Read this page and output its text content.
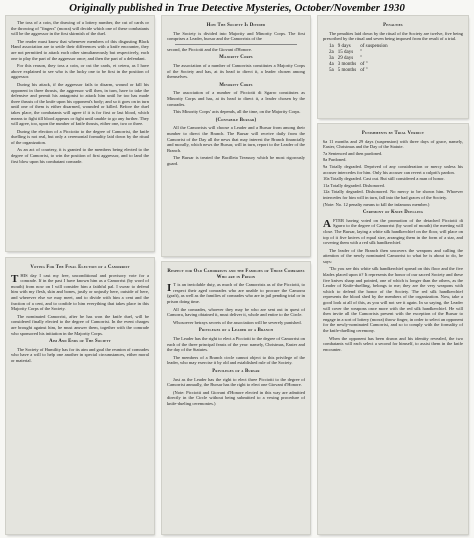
Originally published in True Detective Mysteries, October/November 1930

The toss of a coin, the drawing of a lottery number, the cut of cards or the throwing of "fingers" (morra) will decide which one of these combatants will be the aggressor in the first skirmish of the duel.

The reader must know that whenever members of this disgusting Black Hand association are to settle their differences with a knife encounter, they are not permitted to attack each other simultaneously but respectively, each one to play the part of the aggressor once; and then the part of a defendant.

For this reason, they toss a coin, or cut the cards, et cetera, as I have above explained to see who is the lucky one to be first in the position of aggressor.

During his attack, if the aggressor fails to disarm, wound or kill his opponent in three thrusts, the aggressor will then, in turn, have to take the defensive and permit his antagonist to attack him until he too has made three thrusts of the knife upon his opponent's body; and so it goes on in turn until one of them is either disarmed, wounded or killed. Before the duel takes place, the combatants will agree if it is for first or last blood, which means to fight till blood appears or fight until unable to go any further. They will agree, too, upon the number of knife thrusts, either one, two or three.

During the election of a Picciotto to the degree of Camorrist, the knife duelling is not real, but only a ceremonial formality laid down by the ritual of the organization.

As an act of courtesy, it is granted to the members being elected to the degree of Camorrist, to win the position of first aggressor, and to land the first blow upon his combatant comrade.

Voting For The Final Election of a Camorrist

THIS day I cast my free, unconditional and provisory vote for a comrade. If in the past I have known him as a Camorrist (by word of mouth) from now on I will consider him a faithful pal. I swear to defend him with my flesh, skin and bones, justly or unjustly here, outside of here, and wherever else we may meet, and to divide with him a cent and the fraction of a cent, and to confide to him everything that takes place in this Majority Corps of the Society.

The nominated Camorrist, after he has won the knife duel, will be considered finally elected to the degree of Camorrist. In the event charges are brought against him, he must answer them, together with the comrade who sponsored his initiation in the Majority Corps.

Aim And Ends of The Society

The Society of Humility has for its aim and goal the reunion of comrades who have a will to help one another in special circumstances, either moral or material.

How The Society Is Divided

The Society is divided into Majority and Minority Corps. The first comprises a Leader, bursar and the Camorrists of the

second, the Picciotti and the Giovani d'Honore.

Majority Corps

The association of a number of Camorrists constitutes a Majority Corps of the Society and has, at its head to direct it, a leader chosen among themselves.

Minority Corps

The association of a number of Picciotti di Sgarro constitutes as Minority Corps and has, at its head to direct it, a leader chosen by the comrades.

This Minority Corps' acts depends, all the time, on the Majority Corps.

(Contabile Bursar)

All the Camorrists will choose a Leader and a Bursar from among their number to direct the Branch. The Bursar will receive daily from the Camorrist of the Day all the news that may interest the Branch financially and morally, which news the Bursar, will in turn, report to the Leader of the Branch.

The Bursar is treated the Bacilleta Treasury which be most rigorously guard.

Respect for Old Camorrists and the Families of Those Comrades Who are in Prison

I T is an inviolable duty, as much of the Camorrists as of the Picciotti, to respect their aged comrades who are unable to procure the Camorra (graft), as well as the families of comrades who are in jail pending trial or in prison doing time.

All the comrades, whoever they may be who are sent out in quest of Camorra, having obtained it, must deliver it, whole and entire to the Circle.

Whosoever betrays secrets of the association will be severely punished.

Privileges of a Leader of a Branch

The Leader has the right to elect a Picciotti to the degree of Camorrist on each of the three principal feasts of the year: namely, Christmas, Easter and the day of the Statutes.

The members of a Branch circle cannot object to this privilege of the leader, who may exercise it by old and established rule of the Society.

Privileges of a Bursar

Just as the Leader has the right to elect three Picciotti to the degree of Camorrist annually, the Bursar has the right to elect one Giovani d'Honore.

(Note: Picciotti and Giovani d'Honore elected in this way are admitted directly in the Circle without being submitted to a vexing procedure of knife-dueling ceremonies.)

Penalties

The penalties laid down by the ritual of the Society are twelve, five being prescribed by the ritual and seven being imposed from the result of a trial.

1a	9 days	of suspension
2a	15 days	"
3a	29 days	"
4a	3 months	of "
5a	5 months	of "
Punishments by Trial Verdict
6a 11 months and 29 days (suspension) with three days of grace, namely, Easter, Christmas and the Day of the Statute.
7a Sentenced and then pardoned.
8a Pardoned.
9a Totally degraded. Deprived of any consideration or mercy unless his accuser intercedes for him. Only his accuser can revert a culprit's pardon.
10a Totally degraded. Cast out. But still considered a man of honor.
11a Totally degraded. Dishonored.
12a Totally degraded. Dishonored. No mercy to be shown him. Whoever intercedes for him will in turn, fall into the bad graces of the Society.
(Note: No. 12 penalty means to kill the infamous member.)
Ceremony of Knife Duelling

AFTER having voted on the promotion of the detached Picciotti di Sgarro to the degree of Camorrist (by word of mouth) the meeting will close. The Bursar, laying a white silk handkerchief on the floor, will place on top of it five knives of equal size, arranging them in the form of a star, and covering them with a red silk handkerchief.

The leader of the Branch then uncovers the weapons and calling the attention of the newly nominated Camorrist to what he is about to do, he says:

"Do you see this white silk handkerchief spread on this floor and the five blades placed upon it? It represents the honor of our sacred Society and these five knives sharp and pointed, one of which is longer than the others, as the Leader of Knife-duelling, belongs to me; they are the very weapons with which to defend the honor of the Society. The red silk handkerchief represents the blood shed by the members of the organization. Now, take a good look at all of this, as you will not see it again. In so saying, the Leader will cover the weapons once more with the red silk handkerchief. He will then invite all the Camorrists present with the exception of the Bursar to engage in a sort of lottery (morra) throw finger, in order to select an opponent for the newly-nominated Camorrist, and so to comply with the formality of the knife-duelling ceremony.

When the opponent has been drawn and his identity revealed, the two combatants will each select a second for himself, to assist them in the knife encounter.
